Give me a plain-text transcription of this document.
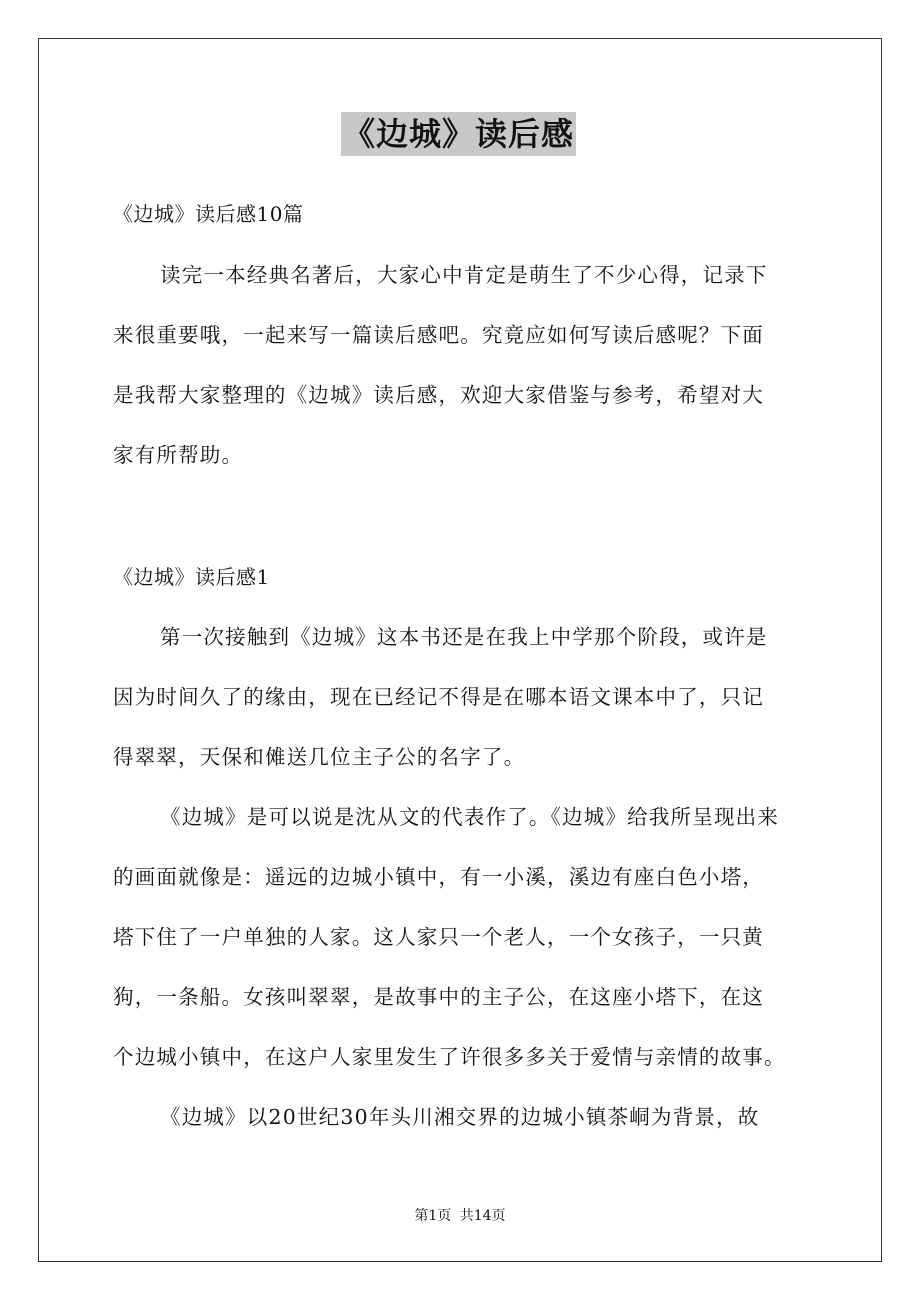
《边城》读后感
《边城》读后感10篇
读完一本经典名著后，大家心中肯定是萌生了不少心得，记录下
来很重要哦，一起来写一篇读后感吧。究竟应如何写读后感呢？下面
是我帮大家整理的《边城》读后感，欢迎大家借鉴与参考，希望对大
家有所帮助。
《边城》读后感1
第一次接触到《边城》这本书还是在我上中学那个阶段，或许是
因为时间久了的缘由，现在已经记不得是在哪本语文课本中了，只记
得翠翠，天保和傩送几位主子公的名字了。
《边城》是可以说是沈从文的代表作了。《边城》给我所呈现出来
的画面就像是：遥远的边城小镇中，有一小溪，溪边有座白色小塔，
塔下住了一户单独的人家。这人家只一个老人，一个女孩子，一只黄
狗，一条船。女孩叫翠翠，是故事中的主子公，在这座小塔下，在这
个边城小镇中，在这户人家里发生了许很多多关于爱情与亲情的故事。
《边城》以20世纪30年头川湘交界的边城小镇茶峒为背景，故
第1页 共14页
